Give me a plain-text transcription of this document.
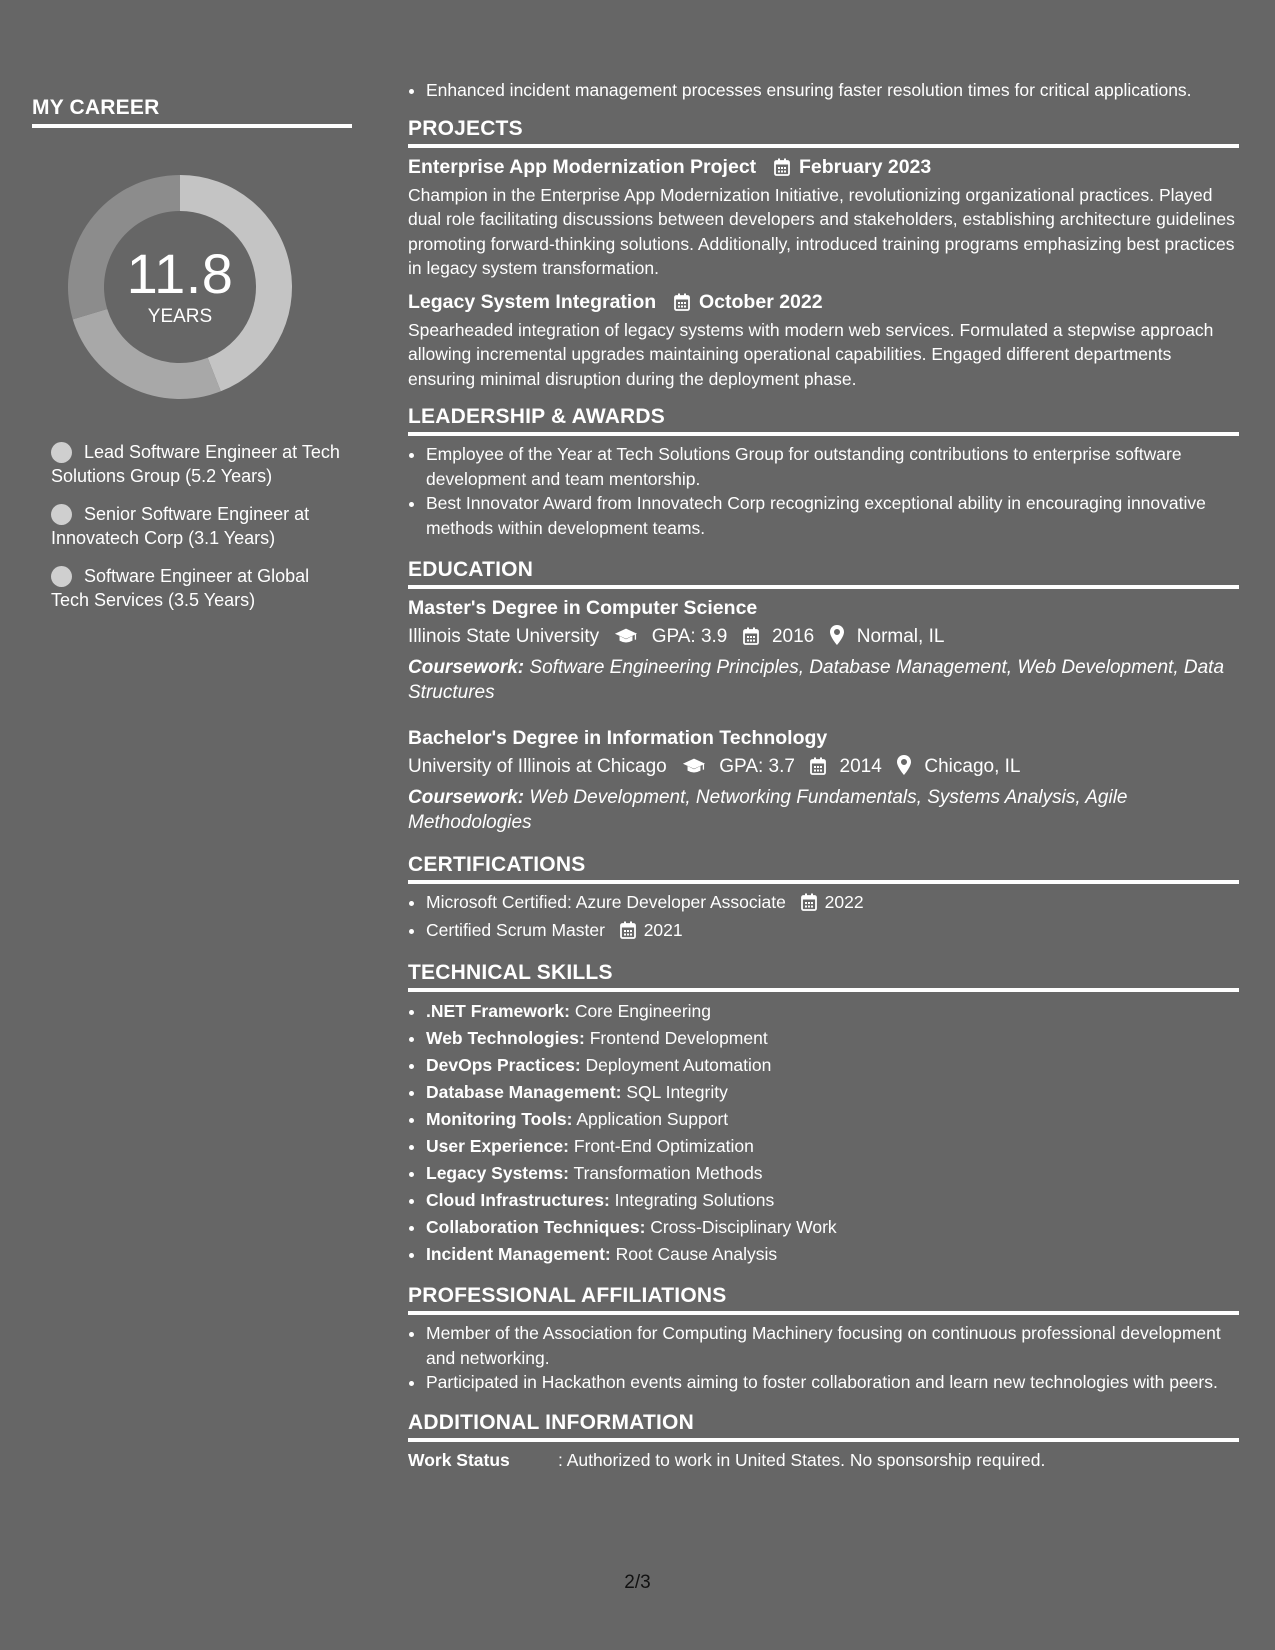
MY CAREER
11.8
YEARS
Lead Software Engineer at Tech Solutions Group (5.2 Years)
Senior Software Engineer at Innovatech Corp (3.1 Years)
Software Engineer at Global Tech Services (3.5 Years)
• Enhanced incident management processes ensuring faster resolution times for critical applications.
PROJECTS
Enterprise App Modernization Project February 2023
Champion in the Enterprise App Modernization Initiative, revolutionizing organizational practices. Played dual role facilitating discussions between developers and stakeholders, establishing architecture guidelines promoting forward-thinking solutions. Additionally, introduced training programs emphasizing best practices in legacy system transformation.
Legacy System Integration October 2022
Spearheaded integration of legacy systems with modern web services. Formulated a stepwise approach allowing incremental upgrades maintaining operational capabilities. Engaged different departments ensuring minimal disruption during the deployment phase.
LEADERSHIP & AWARDS
• Employee of the Year at Tech Solutions Group for outstanding contributions to enterprise software development and team mentorship.
• Best Innovator Award from Innovatech Corp recognizing exceptional ability in encouraging innovative methods within development teams.
EDUCATION
Master's Degree in Computer Science
Illinois State University	GPA: 3.9 2016 Normal, IL
Coursework: Software Engineering Principles, Database Management, Web Development, Data Structures
Bachelor's Degree in Information Technology
University of Illinois at Chicago	GPA: 3.7 2014 Chicago, IL
Coursework: Web Development, Networking Fundamentals, Systems Analysis, Agile Methodologies
CERTIFICATIONS
• Microsoft Certified: Azure Developer Associate 2022
• Certified Scrum Master 2021
TECHNICAL SKILLS
• .NET Framework: Core Engineering
• Web Technologies: Frontend Development
• DevOps Practices: Deployment Automation
• Database Management: SQL Integrity
• Monitoring Tools: Application Support
• User Experience: Front-End Optimization
• Legacy Systems: Transformation Methods
• Cloud Infrastructures: Integrating Solutions
• Collaboration Techniques: Cross-Disciplinary Work
• Incident Management: Root Cause Analysis
PROFESSIONAL AFFILIATIONS
• Member of the Association for Computing Machinery focusing on continuous professional development and networking.
• Participated in Hackathon events aiming to foster collaboration and learn new technologies with peers.
ADDITIONAL INFORMATION
Work Status	: Authorized to work in United States. No sponsorship required.
2/3
